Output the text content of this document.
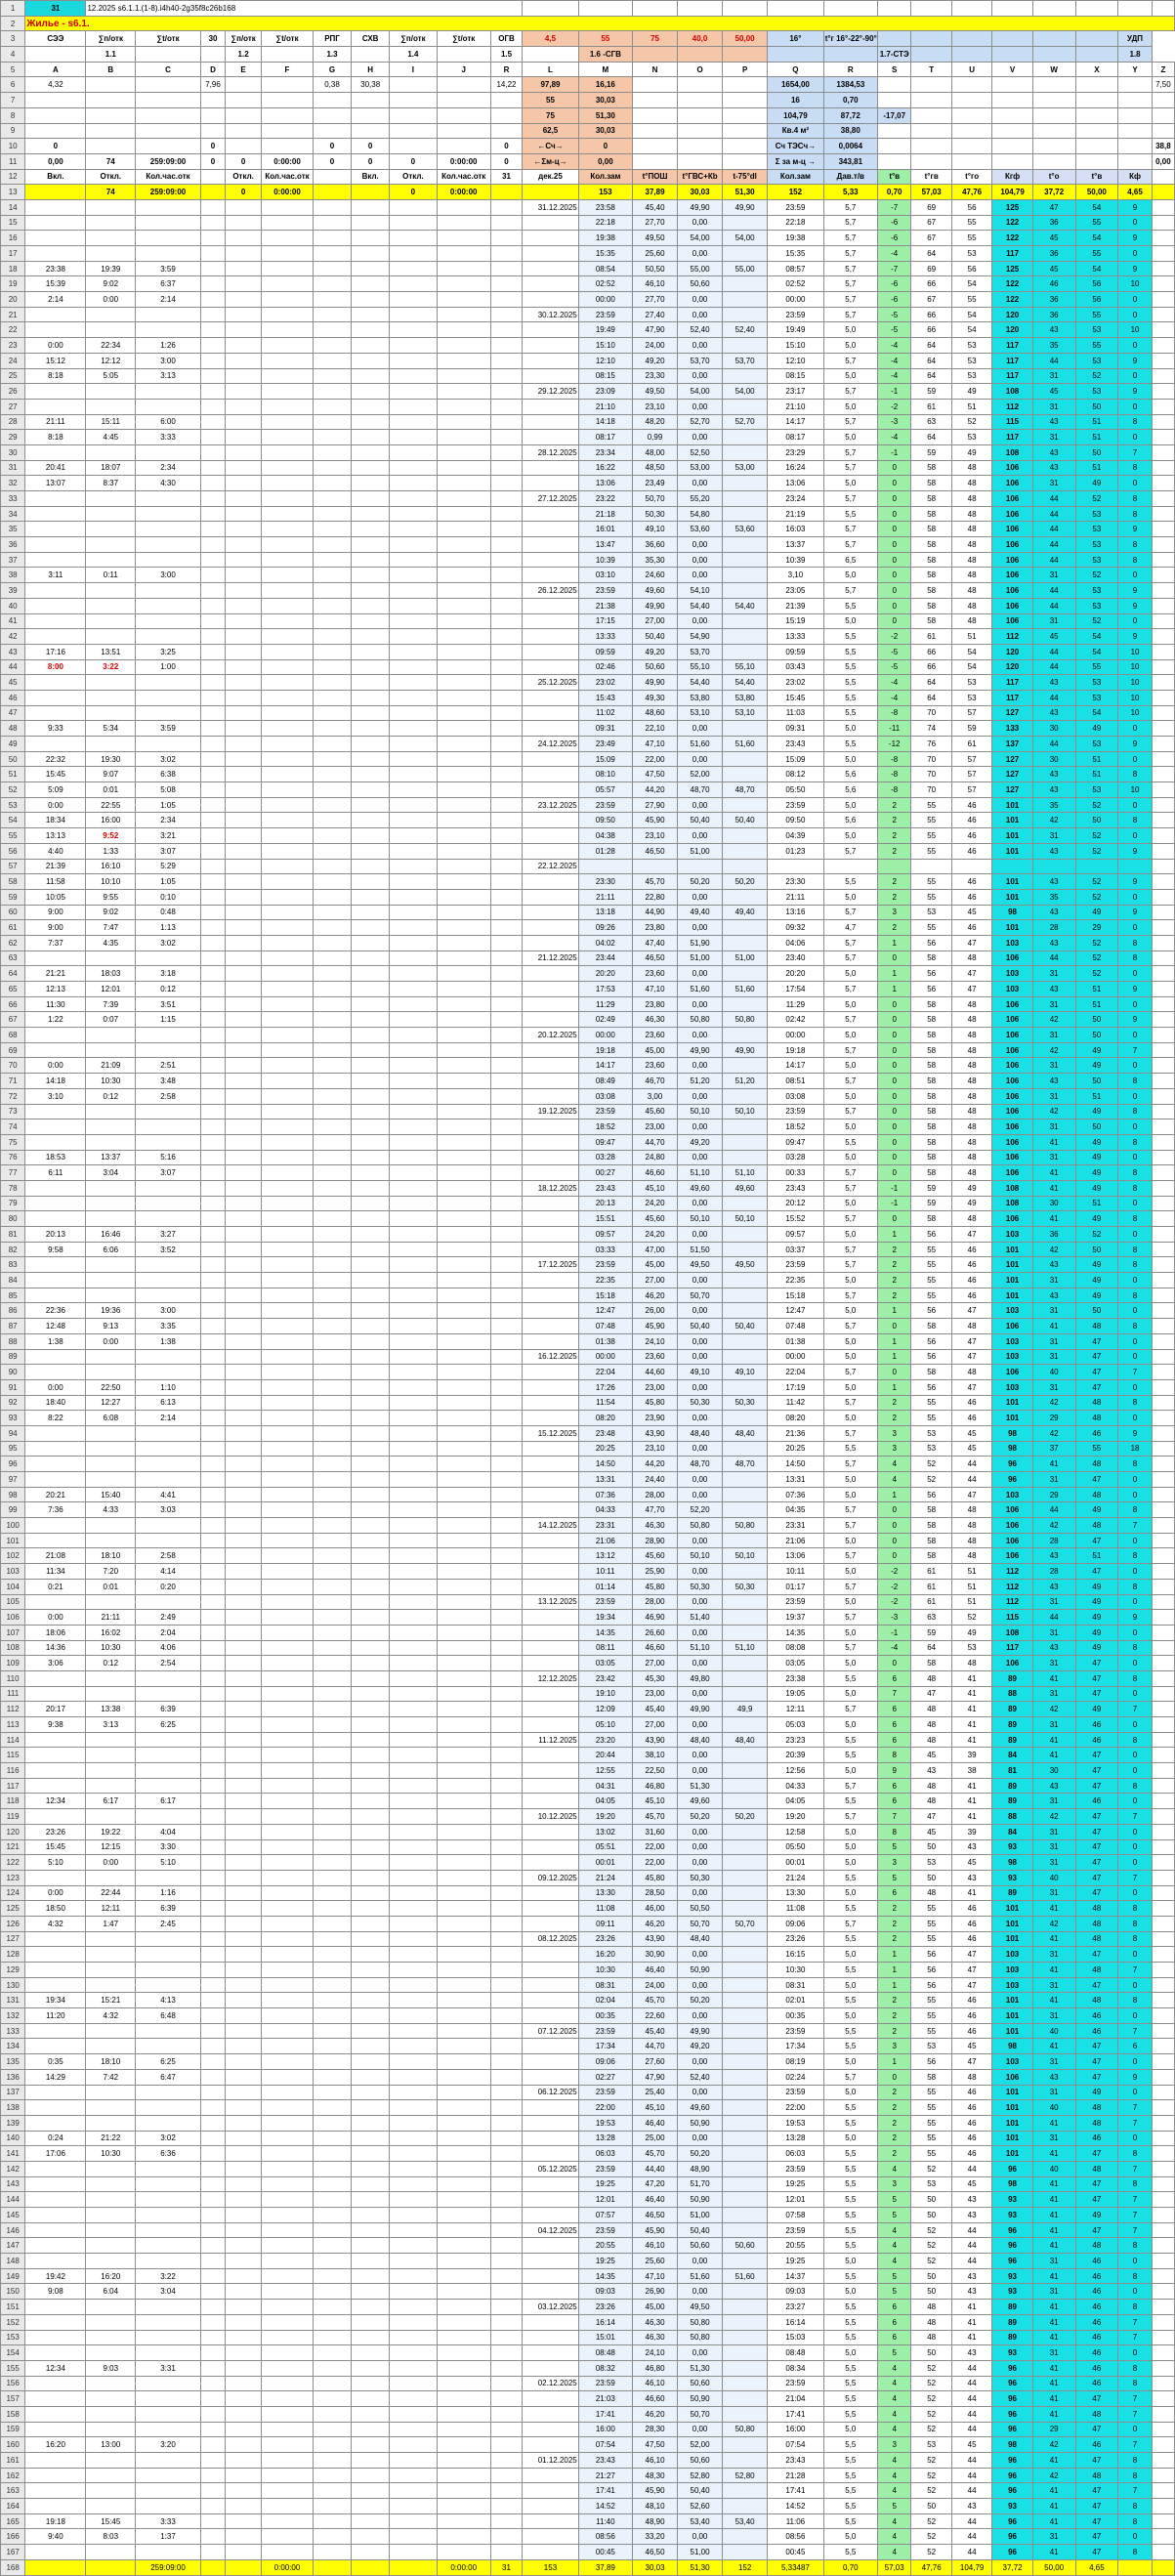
1	31	12.2025 s6.1.1.(1-8).i4h40-2g35f8c26b168																								
2	Жилье - s6.1.																									
3	СЭЭ	∑п/отк	∑t/отк	30	∑п/отк	∑t/отк	РПГ	СХВ	∑п/отк	∑t/отк	ОГВ	4,5	55	75	40,0	50,00	16°	t°г 16°-22°-90°							УДП	
4		1.1			1.2		1.3		1.4		1.5		1.6 -СГВ						1.7-СТЭ						1.8	
5	A	B	C	D	E	F	G	H	I	J	R	L	M	N	O	P	Q	R	S	T	U	V	W	X	Y	Z
6	4,32			7,96			0,38	30,38			14,22	97,89	16,16				1654,00	1384,53								7,50
7												55	30,03				16	0,70								
8												75	51,30				104,79	87,72	-17,07							
9												62,5	30,03				Кв.4 м²	38,80								
10	0			0			0	0			0	←Сч→	0				Сч ТЭСч→	0,0064								38,8
11	0,00	74	259:09:00	0	0	0:00:00	0	0	0	0:00:00	0	←Σм-ц→	0,00				Σ за м-ц →	343,81								0,00
12	Вкл.	Откл.	Кол.час.отк		Откл.	Кол.час.отк		Вкл.	Откл.	Кол.час.отк	31	дек.25	Кол.зам	t°ПОШ	t°ГВС+Кb	t-75°dl	Кол.зам	Дав.т/в	t°в	t°гв	t°го	Кгф	t°о	t°в	Кф	
13		74	259:09:00		0	0:00:00			0	0:00:00			153	37,89	30,03	51,30	152	5,33	0,70	57,03	47,76	104,79	37,72	50,00	4,65	
14												31.12.2025	23:58	45,40	49,90	49,90	23:59	5,7	-7	69	56	125	47	54	9	
15													22:18	27,70	0,00		22:18	5,7	-6	67	55	122	36	55	0	
16													19:38	49,50	54,00	54,00	19:38	5,7	-6	67	55	122	45	54	9	
17													15:35	25,60	0,00		15:35	5,7	-4	64	53	117	36	55	0	
18	23:38	19:39	3:59										08:54	50,50	55,00	55,00	08:57	5,7	-7	69	56	125	45	54	9	
19	15:39	9:02	6:37										02:52	46,10	50,60		02:52	5,7	-6	66	54	122	46	56	10	
20	2:14	0:00	2:14										00:00	27,70	0,00		00:00	5,7	-6	67	55	122	36	56	0	
21												30.12.2025	23:59	27,40	0,00		23:59	5,7	-5	66	54	120	36	55	0	
22													19:49	47,90	52,40	52,40	19:49	5,0	-5	66	54	120	43	53	10	
23	0:00	22:34	1:26										15:10	24,00	0,00		15:10	5,0	-4	64	53	117	35	55	0	
24	15:12	12:12	3:00										12:10	49,20	53,70	53,70	12:10	5,7	-4	64	53	117	44	53	9	
25	8:18	5:05	3:13										08:15	23,30	0,00		08:15	5,0	-4	64	53	117	31	52	0	
26												29.12.2025	23:09	49,50	54,00	54,00	23:17	5,7	-1	59	49	108	45	53	9	
27													21:10	23,10	0,00		21:10	5,0	-2	61	51	112	31	50	0	
28	21:11	15:11	6:00										14:18	48,20	52,70	52,70	14:17	5,7	-3	63	52	115	43	51	8	
29	8:18	4:45	3:33										08:17	0,99	0,00		08:17	5,0	-4	64	53	117	31	51	0	
30												28.12.2025	23:34	48,00	52,50		23:29	5,7	-1	59	49	108	43	50	7	
31	20:41	18:07	2:34										16:22	48,50	53,00	53,00	16:24	5,7	0	58	48	106	43	51	8	
32	13:07	8:37	4:30										13:06	23,49	0,00		13:06	5,0	0	58	48	106	31	49	0	
33												27.12.2025	23:22	50,70	55,20		23:24	5,7	0	58	48	106	44	52	8	
34													21:18	50,30	54,80		21:19	5,5	0	58	48	106	44	53	8	
35													16:01	49,10	53,60	53,60	16:03	5,7	0	58	48	106	44	53	9	
36													13:47	36,60	0,00		13:37	5,7	0	58	48	106	44	53	8	
37													10:39	35,30	0,00		10:39	6,5	0	58	48	106	44	53	8	
38	3:11	0:11	3:00										03:10	24,60	0,00		3,10	5,0	0	58	48	106	31	52	0	
39												26.12.2025	23:59	49,60	54,10		23:05	5,7	0	58	48	106	44	53	9	
40													21:38	49,90	54,40	54,40	21:39	5,5	0	58	48	106	44	53	9	
41													17:15	27,00	0,00		15:19	5,0	0	58	48	106	31	52	0	
42													13:33	50,40	54,90		13:33	5,5	-2	61	51	112	45	54	9	
43	17:16	13:51	3:25										09:59	49,20	53,70		09:59	5,5	-5	66	54	120	44	54	10	
44	8:00	3:22	1:00										02:46	50,60	55,10	55,10	03:43	5,5	-5	66	54	120	44	55	10	
45												25.12.2025	23:02	49,90	54,40	54,40	23:02	5,5	-4	64	53	117	43	53	10	
46													15:43	49,30	53,80	53,80	15:45	5,5	-4	64	53	117	44	53	10	
47													11:02	48,60	53,10	53,10	11:03	5,5	-8	70	57	127	43	54	10	
48	9:33	5:34	3:59										09:31	22,10	0,00		09:31	5,0	-11	74	59	133	30	49	0	
49												24.12.2025	23:49	47,10	51,60	51,60	23:43	5,5	-12	76	61	137	44	53	9	
50	22:32	19:30	3:02										15:09	22,00	0,00		15:09	5,0	-8	70	57	127	30	51	0	
51	15:45	9:07	6:38										08:10	47,50	52,00		08:12	5,6	-8	70	57	127	43	51	8	
52	5:09	0:01	5:08										05:57	44,20	48,70	48,70	05:50	5,6	-8	70	57	127	43	53	10	
53	0:00	22:55	1:05									23.12.2025	23:59	27,90	0,00		23:59	5,0	2	55	46	101	35	52	0	
54	18:34	16:00	2:34										09:50	45,90	50,40	50,40	09:50	5,6	2	55	46	101	42	50	8	
55	13:13	9:52	3:21										04:38	23,10	0,00		04:39	5,0	2	55	46	101	31	52	0	
56	4:40	1:33	3:07										01:28	46,50	51,00		01:23	5,7	2	55	46	101	43	52	9	
57	21:39	16:10	5:29									22.12.2025														
58	11:58	10:10	1:05										23:30	45,70	50,20	50,20	23:30	5,5	2	55	46	101	43	52	9	
59	10:05	9:55	0:10										21:11	22,80	0,00		21:11	5,0	2	55	46	101	35	52	0	
60	9:00	9:02	0:48										13:18	44,90	49,40	49,40	13:16	5,7	3	53	45	98	43	49	9	
61	9:00	7:47	1:13										09:26	23,80	0,00		09:32	4,7	2	55	46	101	28	29	0	
62	7:37	4:35	3:02										04:02	47,40	51,90		04:06	5,7	1	56	47	103	43	52	8	
63												21.12.2025	23:44	46,50	51,00	51,00	23:40	5,7	0	58	48	106	44	52	8	
64	21:21	18:03	3:18										20:20	23,60	0,00		20:20	5,0	1	56	47	103	31	52	0	
65	12:13	12:01	0:12										17:53	47,10	51,60	51,60	17:54	5,7	1	56	47	103	43	51	9	
66	11:30	7:39	3:51										11:29	23,80	0,00		11:29	5,0	0	58	48	106	31	51	0	
67	1:22	0:07	1:15										02:49	46,30	50,80	50,80	02:42	5,7	0	58	48	106	42	50	9	
68												20.12.2025	00:00	23,60	0,00		00:00	5,0	0	58	48	106	31	50	0	
69													19:18	45,00	49,90	49,90	19:18	5,7	0	58	48	106	42	49	7	
70	0:00	21:09	2:51										14:17	23,60	0,00		14:17	5,0	0	58	48	106	31	49	0	
71	14:18	10:30	3:48										08:49	46,70	51,20	51,20	08:51	5,7	0	58	48	106	43	50	8	
72	3:10	0:12	2:58										03:08	3,00	0,00		03:08	5,0	0	58	48	106	31	51	0	
73												19.12.2025	23:59	45,60	50,10	50,10	23:59	5,7	0	58	48	106	42	49	8	
74													18:52	23,00	0,00		18:52	5,0	0	58	48	106	31	50	0	
75													09:47	44,70	49,20		09:47	5,5	0	58	48	106	41	49	8	
76	18:53	13:37	5:16										03:28	24,80	0,00		03:28	5,0	0	58	48	106	31	49	0	
77	6:11	3:04	3:07										00:27	46,60	51,10	51,10	00:33	5,7	0	58	48	106	41	49	8	
78												18.12.2025	23:43	45,10	49,60	49,60	23:43	5,7	-1	59	49	108	41	49	8	
79													20:13	24,20	0,00		20:12	5,0	-1	59	49	108	30	51	0	
80													15:51	45,60	50,10	50,10	15:52	5,7	0	58	48	106	41	49	8	
81	20:13	16:46	3:27										09:57	24,20	0,00		09:57	5,0	1	56	47	103	36	52	0	
82	9:58	6:06	3:52										03:33	47,00	51,50		03:37	5,7	2	55	46	101	42	50	8	
83												17.12.2025	23:59	45,00	49,50	49,50	23:59	5,7	2	55	46	101	43	49	8	
84													22:35	27,00	0,00		22:35	5,0	2	55	46	101	31	49	0	
85													15:18	46,20	50,70		15:18	5,7	2	55	46	101	43	49	8	
86	22:36	19:36	3:00										12:47	26,00	0,00		12:47	5,0	1	56	47	103	31	50	0	
87	12:48	9:13	3:35										07:48	45,90	50,40	50,40	07:48	5,7	0	58	48	106	41	48	8	
88	1:38	0:00	1:38										01:38	24,10	0,00		01:38	5,0	1	56	47	103	31	47	0	
89												16.12.2025	00:00	23,60	0,00		00:00	5,0	1	56	47	103	31	47	0	
90													22:04	44,60	49,10	49,10	22:04	5,7	0	58	48	106	40	47	7	
91	0:00	22:50	1:10										17:26	23,00	0,00		17:19	5,0	1	56	47	103	31	47	0	
92	18:40	12:27	6:13										11:54	45,80	50,30	50,30	11:42	5,7	2	55	46	101	42	48	8	
93	8:22	6:08	2:14										08:20	23,90	0,00		08:20	5,0	2	55	46	101	29	48	0	
94												15.12.2025	23:48	43,90	48,40	48,40	21:36	5,7	3	53	45	98	42	46	9	
95													20:25	23,10	0,00		20:25	5,5	3	53	45	98	37	55	18	
96													14:50	44,20	48,70	48,70	14:50	5,7	4	52	44	96	41	48	8	
97													13:31	24,40	0,00		13:31	5,0	4	52	44	96	31	47	0	
98	20:21	15:40	4:41										07:36	28,00	0,00		07:36	5,0	1	56	47	103	29	48	0	
99	7:36	4:33	3:03										04:33	47,70	52,20		04:35	5,7	0	58	48	106	44	49	8	
100												14.12.2025	23:31	46,30	50,80	50,80	23:31	5,7	0	58	48	106	42	48	7	
101													21:06	28,90	0,00		21:06	5,0	0	58	48	106	28	47	0	
102	21:08	18:10	2:58										13:12	45,60	50,10	50,10	13:06	5,7	0	58	48	106	43	51	8	
103	11:34	7:20	4:14										10:11	25,90	0,00		10:11	5,0	-2	61	51	112	28	47	0	
104	0:21	0:01	0:20										01:14	45,80	50,30	50,30	01:17	5,7	-2	61	51	112	43	49	8	
105												13.12.2025	23:59	28,00	0,00		23:59	5,0	-2	61	51	112	31	49	0	
106	0:00	21:11	2:49										19:34	46,90	51,40		19:37	5,7	-3	63	52	115	44	49	9	
107	18:06	16:02	2:04										14:35	26,60	0,00		14:35	5,0	-1	59	49	108	31	49	0	
108	14:36	10:30	4:06										08:11	46,60	51,10	51,10	08:08	5,7	-4	64	53	117	43	49	8	
109	3:06	0:12	2:54										03:05	27,00	0,00		03:05	5,0	0	58	48	106	31	47	0	
110												12.12.2025	23:42	45,30	49,80		23:38	5,5	6	48	41	89	41	47	8	
111													19:10	23,00	0,00		19:05	5,0	7	47	41	88	31	47	0	
112	20:17	13:38	6:39										12:09	45,40	49,90	49,9	12:11	5,7	6	48	41	89	42	49	7	
113	9:38	3:13	6:25										05:10	27,00	0,00		05:03	5,0	6	48	41	89	31	46	0	
114												11.12.2025	23:20	43,90	48,40	48,40	23:23	5,5	6	48	41	89	41	46	8	
115													20:44	38,10	0,00		20:39	5,5	8	45	39	84	41	47	0	
116													12:55	22,50	0,00		12:56	5,0	9	43	38	81	30	47	0	
117													04:31	46,80	51,30		04:33	5,7	6	48	41	89	43	47	8	
118	12:34	6:17	6:17										04:05	45,10	49,60		04:05	5,5	6	48	41	89	31	46	0	
119												10.12.2025	19:20	45,70	50,20	50,20	19:20	5,7	7	47	41	88	42	47	7	
120	23:26	19:22	4:04										13:02	31,60	0,00		12:58	5,0	8	45	39	84	31	47	0	
121	15:45	12:15	3:30										05:51	22,00	0,00		05:50	5,0	5	50	43	93	31	47	0	
122	5:10	0:00	5:10										00:01	22,00	0,00		00:01	5,0	3	53	45	98	31	47	0	
123												09.12.2025	21:24	45,80	50,30		21:24	5,5	5	50	43	93	40	47	7	
124	0:00	22:44	1:16										13:30	28,50	0,00		13:30	5,0	6	48	41	89	31	47	0	
125	18:50	12:11	6:39										11:08	46,00	50,50		11:08	5,5	2	55	46	101	41	48	8	
126	4:32	1:47	2:45										09:11	46,20	50,70	50,70	09:06	5,7	2	55	46	101	42	48	8	
127												08.12.2025	23:26	43,90	48,40		23:26	5,5	2	55	46	101	41	48	8	
128													16:20	30,90	0,00		16:15	5,0	1	56	47	103	31	47	0	
129													10:30	46,40	50,90		10:30	5,5	1	56	47	103	41	48	7	
130													08:31	24,00	0,00		08:31	5,0	1	56	47	103	31	47	0	
131	19:34	15:21	4:13										02:04	45,70	50,20		02:01	5,5	2	55	46	101	41	48	8	
132	11:20	4:32	6:48										00:35	22,60	0,00		00:35	5,0	2	55	46	101	31	46	0	
133												07.12.2025	23:59	45,40	49,90		23:59	5,5	2	55	46	101	40	46	7	
134													17:34	44,70	49,20		17:34	5,5	3	53	45	98	41	47	6	
135	0:35	18:10	6:25										09:06	27,60	0,00		08:19	5,0	1	56	47	103	31	47	0	
136	14:29	7:42	6:47										02:27	47,90	52,40		02:24	5,7	0	58	48	106	43	47	9	
137												06.12.2025	23:59	25,40	0,00		23:59	5,0	2	55	46	101	31	49	0	
138													22:00	45,10	49,60		22:00	5,5	2	55	46	101	40	48	7	
139													19:53	46,40	50,90		19:53	5,5	2	55	46	101	41	48	7	
140	0:24	21:22	3:02										13:28	25,00	0,00		13:28	5,0	2	55	46	101	31	46	0	
141	17:06	10:30	6:36										06:03	45,70	50,20		06:03	5,5	2	55	46	101	41	47	8	
142												05.12.2025	23:59	44,40	48,90		23:59	5,5	4	52	44	96	40	48	7	
143													19:25	47,20	51,70		19:25	5,5	3	53	45	98	41	47	8	
144													12:01	46,40	50,90		12:01	5,5	5	50	43	93	41	47	7	
145													07:57	46,50	51,00		07:58	5,5	5	50	43	93	41	49	7	
146												04.12.2025	23:59	45,90	50,40		23:59	5,5	4	52	44	96	41	47	7	
147													20:55	46,10	50,60	50,60	20:55	5,5	4	52	44	96	41	48	8	
148													19:25	25,60	0,00		19:25	5,0	4	52	44	96	31	46	0	
149	19:42	16:20	3:22										14:35	47,10	51,60	51,60	14:37	5,5	5	50	43	93	41	46	8	
150	9:08	6:04	3:04										09:03	26,90	0,00		09:03	5,0	5	50	43	93	31	46	0	
151												03.12.2025	23:26	45,00	49,50		23:27	5,5	6	48	41	89	41	46	8	
152													16:14	46,30	50,80		16:14	5,5	6	48	41	89	41	46	7	
153													15:01	46,30	50,80		15:03	5,5	6	48	41	89	41	46	7	
154													08:48	24,10	0,00		08:48	5,0	5	50	43	93	31	46	0	
155	12:34	9:03	3:31										08:32	46,80	51,30		08:34	5,5	4	52	44	96	41	46	8	
156												02.12.2025	23:59	46,10	50,60		23:59	5,5	4	52	44	96	41	46	8	
157													21:03	46,60	50,90		21:04	5,5	4	52	44	96	41	47	7	
158													17:41	46,20	50,70		17:41	5,5	4	52	44	96	41	48	7	
159													16:00	28,30	0,00	50,80	16:00	5,0	4	52	44	96	29	47	0	
160	16:20	13:00	3:20										07:54	47,50	52,00		07:54	5,5	3	53	45	98	42	46	7	
161												01.12.2025	23:43	46,10	50,60		23:43	5,5	4	52	44	96	41	47	8	
162													21:27	48,30	52,80	52,80	21:28	5,5	4	52	44	96	42	48	8	
163													17:41	45,90	50,40		17:41	5,5	4	52	44	96	41	47	7	
164													14:52	48,10	52,60		14:52	5,5	5	50	43	93	41	47	8	
165	19:18	15:45	3:33										11:40	48,90	53,40	53,40	11:06	5,5	4	52	44	96	41	47	8	
166	9:40	8:03	1:37										08:56	33,20	0,00		08:56	5,0	4	52	44	96	31	47	0	
167													00:45	46,50	51,00		00:45	5,5	4	52	44	96	41	47	8	
168			259:09:00			0:00:00				0:00:00	31	153	37,89	30,03	51,30	152	5,33487	0,70	57,03	47,76	104,79	37,72	50,00	4,65		
